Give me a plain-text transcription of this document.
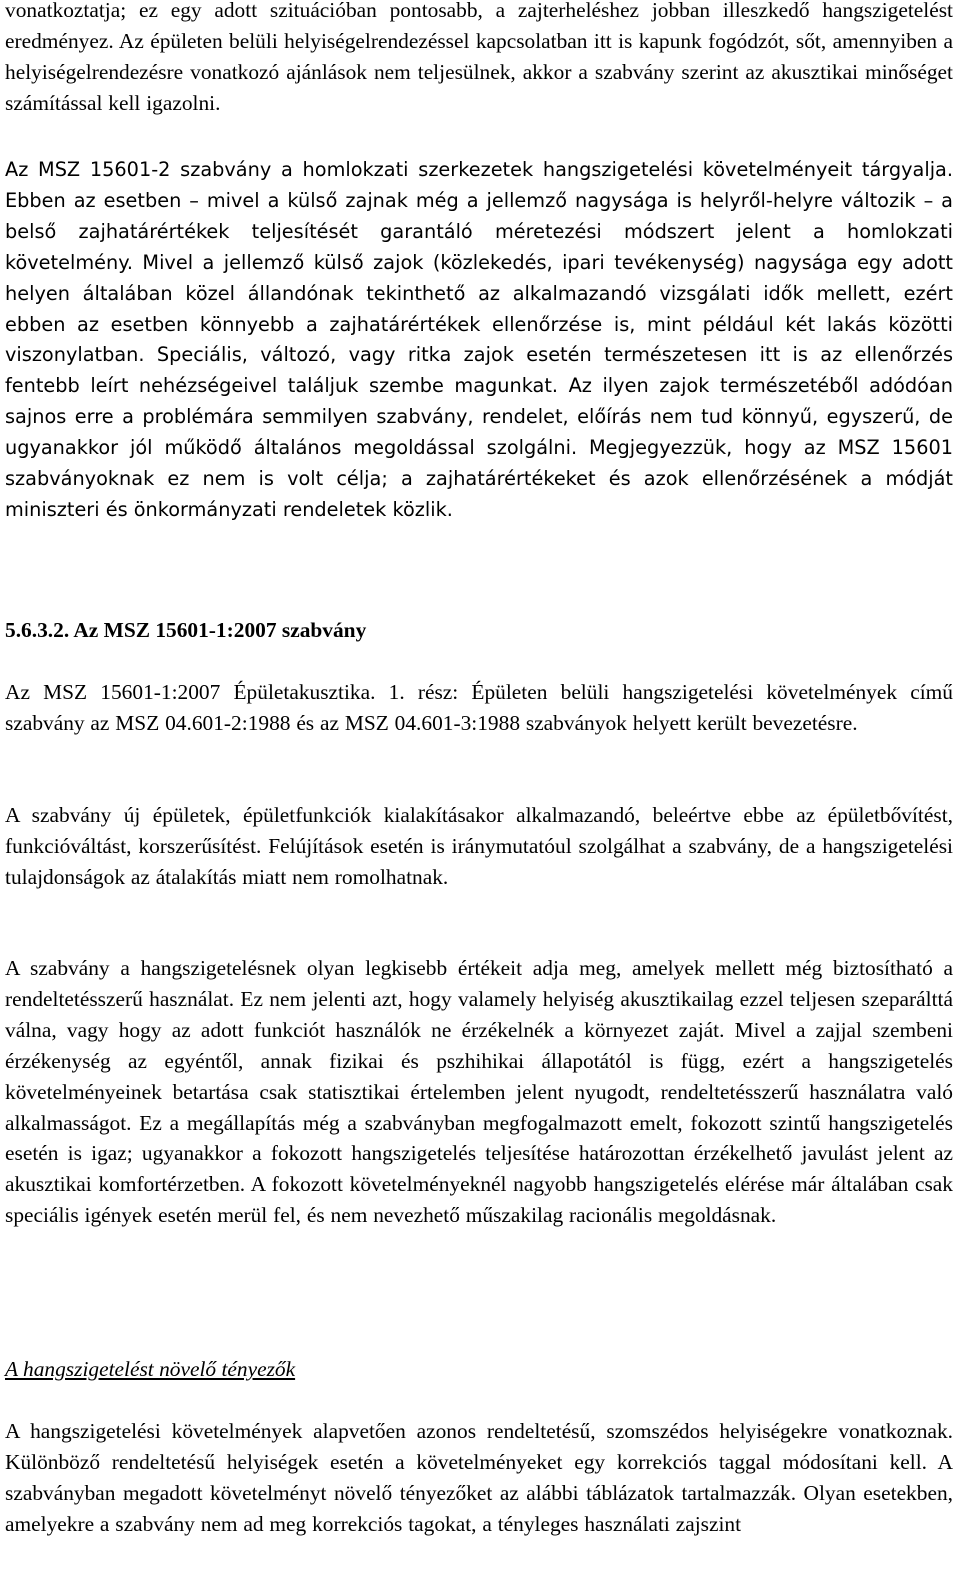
vonatkoztatja; ez egy adott szituációban pontosabb, a zajterheléshez jobban illeszkedő hangszigetelést eredményez. Az épületen belüli helyiségelrendezéssel kapcsolatban itt is kapunk fogódzót, sőt, amennyiben a helyiségelrendezésre vonatkozó ajánlások nem teljesülnek, akkor a szabvány szerint az akusztikai minőséget számítással kell igazolni.

Az MSZ 15601-2 szabvány a homlokzati szerkezetek hangszigetelési követelményeit tárgyalja. Ebben az esetben – mivel a külső zajnak még a jellemző nagysága is helyről-helyre változik – a belső zajhatárértékek teljesítését garantáló méretezési módszert jelent a homlokzati követelmény. Mivel a jellemző külső zajok (közlekedés, ipari tevékenység) nagysága egy adott helyen általában közel állandónak tekinthető az alkalmazandó vizsgálati idők mellett, ezért ebben az esetben könnyebb a zajhatárértékek ellenőrzése is, mint például két lakás közötti viszonylatban. Speciális, változó, vagy ritka zajok esetén természetesen itt is az ellenőrzés fentebb leírt nehézségeivel találjuk szembe magunkat. Az ilyen zajok természetéből adódóan sajnos erre a problémára semmilyen szabvány, rendelet, előírás nem tud könnyű, egyszerű, de ugyanakkor jól működő általános megoldással szolgálni. Megjegyezzük, hogy az MSZ 15601 szabványoknak ez nem is volt célja; a zajhatárértékeket és azok ellenőrzésének a módját miniszteri és önkormányzati rendeletek közlik.

5.6.3.2. Az MSZ 15601-1:2007 szabvány

Az MSZ 15601-1:2007 Épületakusztika. 1. rész: Épületen belüli hangszigetelési követelmények című szabvány az MSZ 04.601-2:1988 és az MSZ 04.601-3:1988 szabványok helyett került bevezetésre.

A szabvány új épületek, épületfunkciók kialakításakor alkalmazandó, beleértve ebbe az épületbővítést, funkcióváltást, korszerűsítést. Felújítások esetén is iránymutatóul szolgálhat a szabvány, de a hangszigetelési tulajdonságok az átalakítás miatt nem romolhatnak.

A szabvány a hangszigetelésnek olyan legkisebb értékeit adja meg, amelyek mellett még biztosítható a rendeltetésszerű használat. Ez nem jelenti azt, hogy valamely helyiség akusztikailag ezzel teljesen szeparálttá válna, vagy hogy az adott funkciót használók ne érzékelnék a környezet zaját. Mivel a zajjal szembeni érzékenység az egyéntől, annak fizikai és pszhihikai állapotától is függ, ezért a hangszigetelés követelményeinek betartása csak statisztikai értelemben jelent nyugodt, rendeltetésszerű használatra való alkalmasságot. Ez a megállapítás még a szabványban megfogalmazott emelt, fokozott szintű hangszigetelés esetén is igaz; ugyanakkor a fokozott hangszigetelés teljesítése határozottan érzékelhető javulást jelent az akusztikai komfortérzetben. A fokozott követelményeknél nagyobb hangszigetelés elérése már általában csak speciális igények esetén merül fel, és nem nevezhető műszakilag racionális megoldásnak.

A hangszigetelést növelő tényezők

A hangszigetelési követelmények alapvetően azonos rendeltetésű, szomszédos helyiségekre vonatkoznak. Különböző rendeltetésű helyiségek esetén a követelményeket egy korrekciós taggal módosítani kell. A szabványban megadott követelményt növelő tényezőket az alábbi táblázatok tartalmazzák. Olyan esetekben, amelyekre a szabvány nem ad meg korrekciós tagokat, a tényleges használati zajszint
